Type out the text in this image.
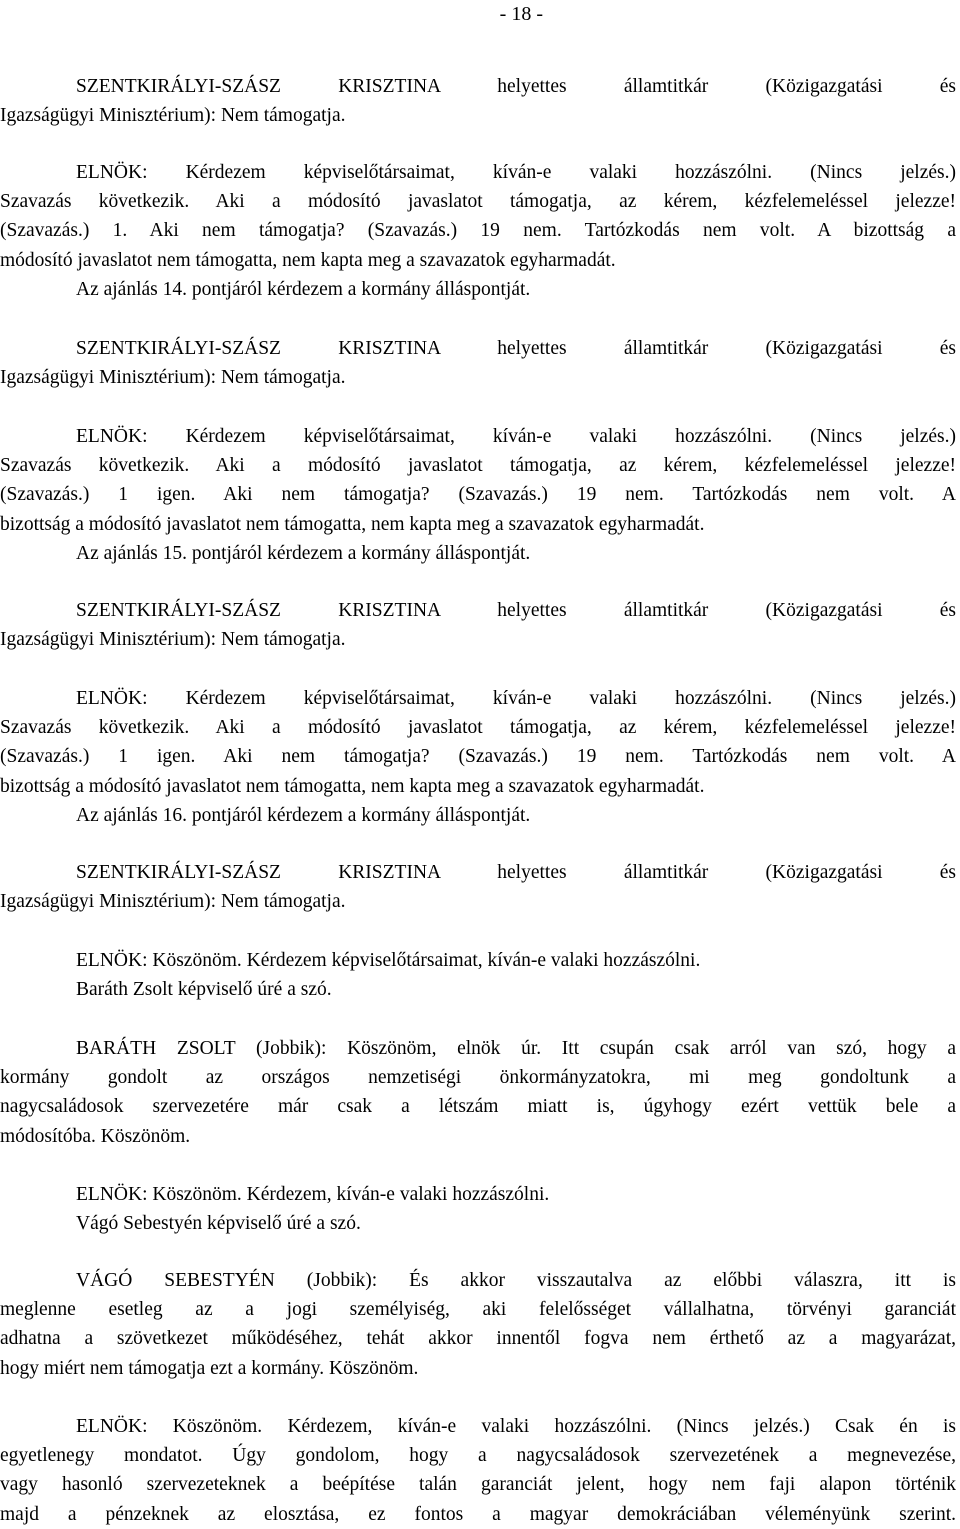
- 18 -
SZENTKIRÁLYI-SZÁSZ KRISZTINA helyettes államtitkár (Közigazgatási és
Igazságügyi Minisztérium): Nem támogatja.
ELNÖK: Kérdezem képviselőtársaimat, kíván-e valaki hozzászólni. (Nincs jelzés.)
Szavazás következik. Aki a módosító javaslatot támogatja, az kérem, kézfelemeléssel jelezze!
(Szavazás.) 1. Aki nem támogatja? (Szavazás.) 19 nem. Tartózkodás nem volt. A bizottság a
módosító javaslatot nem támogatta, nem kapta meg a szavazatok egyharmadát.
Az ajánlás 14. pontjáról kérdezem a kormány álláspontját.
SZENTKIRÁLYI-SZÁSZ KRISZTINA helyettes államtitkár (Közigazgatási és
Igazságügyi Minisztérium): Nem támogatja.
ELNÖK: Kérdezem képviselőtársaimat, kíván-e valaki hozzászólni. (Nincs jelzés.)
Szavazás következik. Aki a módosító javaslatot támogatja, az kérem, kézfelemeléssel jelezze!
(Szavazás.) 1 igen. Aki nem támogatja? (Szavazás.) 19 nem. Tartózkodás nem volt. A
bizottság a módosító javaslatot nem támogatta, nem kapta meg a szavazatok egyharmadát.
Az ajánlás 15. pontjáról kérdezem a kormány álláspontját.
SZENTKIRÁLYI-SZÁSZ KRISZTINA helyettes államtitkár (Közigazgatási és
Igazságügyi Minisztérium): Nem támogatja.
ELNÖK: Kérdezem képviselőtársaimat, kíván-e valaki hozzászólni. (Nincs jelzés.)
Szavazás következik. Aki a módosító javaslatot támogatja, az kérem, kézfelemeléssel jelezze!
(Szavazás.) 1 igen. Aki nem támogatja? (Szavazás.) 19 nem. Tartózkodás nem volt. A
bizottság a módosító javaslatot nem támogatta, nem kapta meg a szavazatok egyharmadát.
Az ajánlás 16. pontjáról kérdezem a kormány álláspontját.
SZENTKIRÁLYI-SZÁSZ KRISZTINA helyettes államtitkár (Közigazgatási és
Igazságügyi Minisztérium): Nem támogatja.
ELNÖK: Köszönöm. Kérdezem képviselőtársaimat, kíván-e valaki hozzászólni.
Baráth Zsolt képviselő úré a szó.
BARÁTH ZSOLT (Jobbik): Köszönöm, elnök úr. Itt csupán csak arról van szó, hogy a
kormány gondolt az országos nemzetiségi önkormányzatokra, mi meg gondoltunk a
nagycsaládosok szervezetére már csak a létszám miatt is, úgyhogy ezért vettük bele a
módosítóba. Köszönöm.
ELNÖK: Köszönöm. Kérdezem, kíván-e valaki hozzászólni.
Vágó Sebestyén képviselő úré a szó.
VÁGÓ SEBESTYÉN (Jobbik): És akkor visszautalva az előbbi válaszra, itt is
meglenne esetleg az a jogi személyiség, aki felelősséget vállalhatna, törvényi garanciát
adhatna a szövetkezet működéséhez, tehát akkor innentől fogva nem érthető az a magyarázat,
hogy miért nem támogatja ezt a kormány. Köszönöm.
ELNÖK: Köszönöm. Kérdezem, kíván-e valaki hozzászólni. (Nincs jelzés.) Csak én is
egyetlenegy mondatot. Úgy gondolom, hogy a nagycsaládosok szervezetének a megnevezése,
vagy hasonló szervezeteknek a beépítése talán garanciát jelent, hogy nem faji alapon történik
majd a pénzeknek az elosztása, ez fontos a magyar demokráciában véleményünk szerint.
